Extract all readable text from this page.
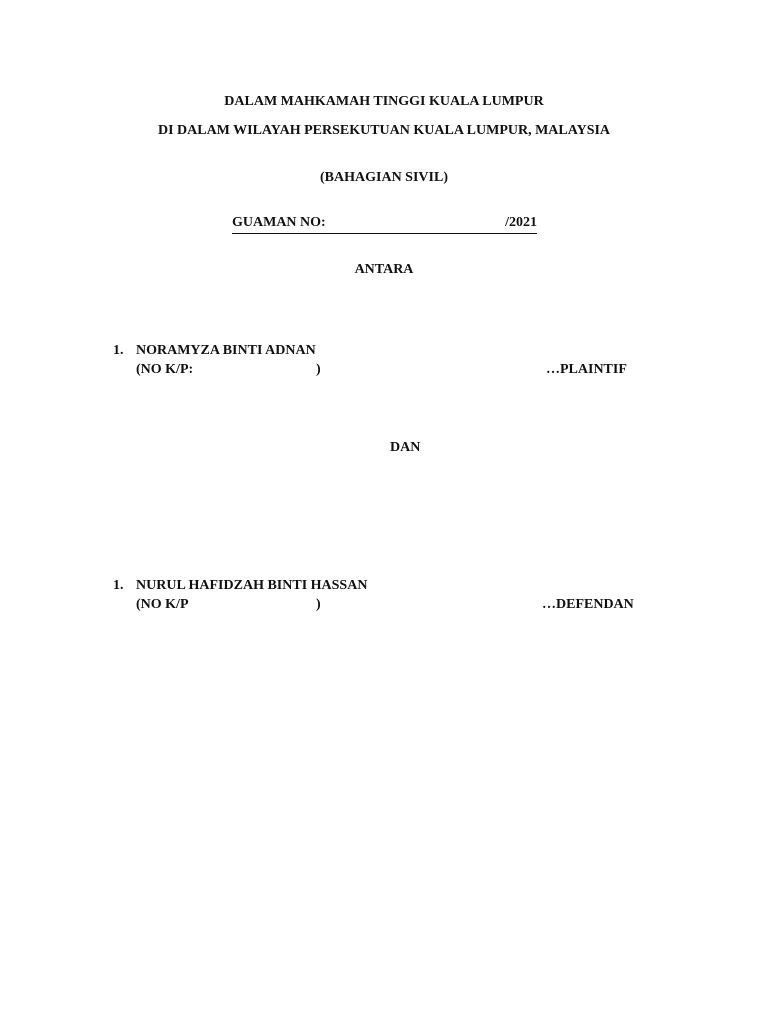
DALAM MAHKAMAH TINGGI KUALA LUMPUR
DI DALAM WILAYAH PERSEKUTUAN KUALA LUMPUR, MALAYSIA
(BAHAGIAN SIVIL)
GUAMAN NO:	/2021
ANTARA
1. NORAMYZA BINTI ADNAN
(NO K/P:	)	…PLAINTIF
DAN
1. NURUL HAFIDZAH BINTI HASSAN
(NO K/P	)	…DEFENDAN
